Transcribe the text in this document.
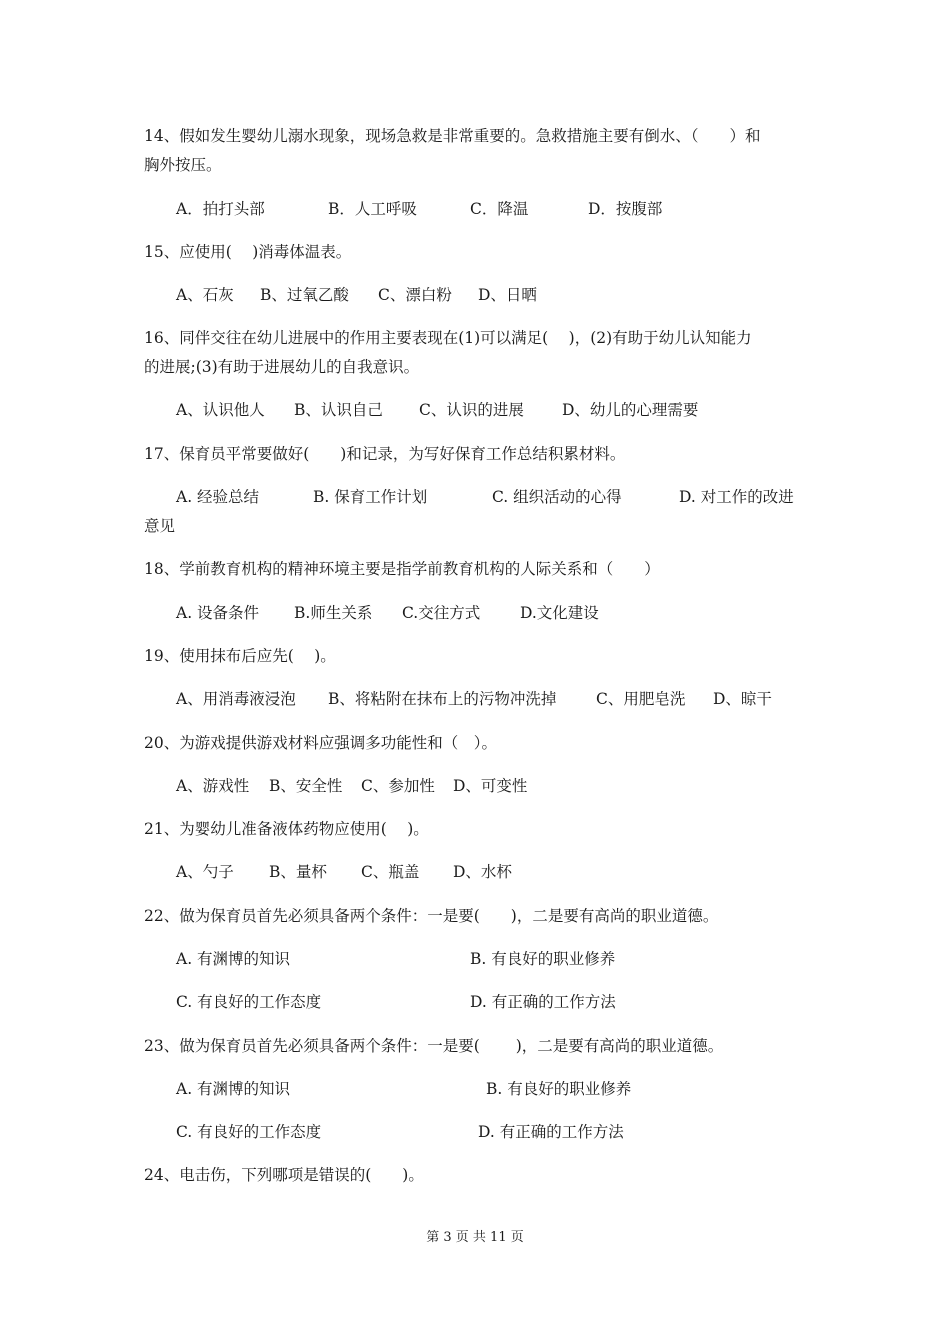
14、假如发生婴幼儿溺水现象，现场急救是非常重要的。急救措施主要有倒水、（　　）和
胸外按压。
A．拍打头部	B．人工呼吸	C．降温	D．按腹部
15、应使用(　 )消毒体温表。
A、石灰 B、过氧乙酸 C、漂白粉 D、日晒
16、同伴交往在幼儿进展中的作用主要表现在(1)可以满足(　 )，(2)有助于幼儿认知能力
的进展;(3)有助于进展幼儿的自我意识。
A、认识他人 B、认识自己 C、认识的进展 D、幼儿的心理需要
17、保育员平常要做好(　　)和记录，为写好保育工作总结积累材料。
A. 经验总结	B. 保育工作计划	C. 组织活动的心得	D. 对工作的改进
意见
18、学前教育机构的精神环境主要是指学前教育机构的人际关系和（　　）
A. 设备条件 B.师生关系 C.交往方式	D.文化建设
19、使用抹布后应先(　 )。
A、用消毒液浸泡 B、将粘附在抹布上的污物冲洗掉	C、用肥皂洗 D、晾干
20、为游戏提供游戏材料应强调多功能性和（　）。
A、游戏性 B、安全性 C、参加性 D、可变性
21、为婴幼儿准备液体药物应使用(　 )。
A、勺子 B、量杯 C、瓶盖 D、水杯
22、做为保育员首先必须具备两个条件：一是要(　　)，二是要有高尚的职业道德。
A. 有渊博的知识	B. 有良好的职业修养
C. 有良好的工作态度	D. 有正确的工作方法
23、做为保育员首先必须具备两个条件：一是要(　　 )，二是要有高尚的职业道德。
A. 有渊博的知识	B. 有良好的职业修养
C. 有良好的工作态度	D. 有正确的工作方法
24、电击伤，下列哪项是错误的(　　)。
第 3 页 共 11 页
